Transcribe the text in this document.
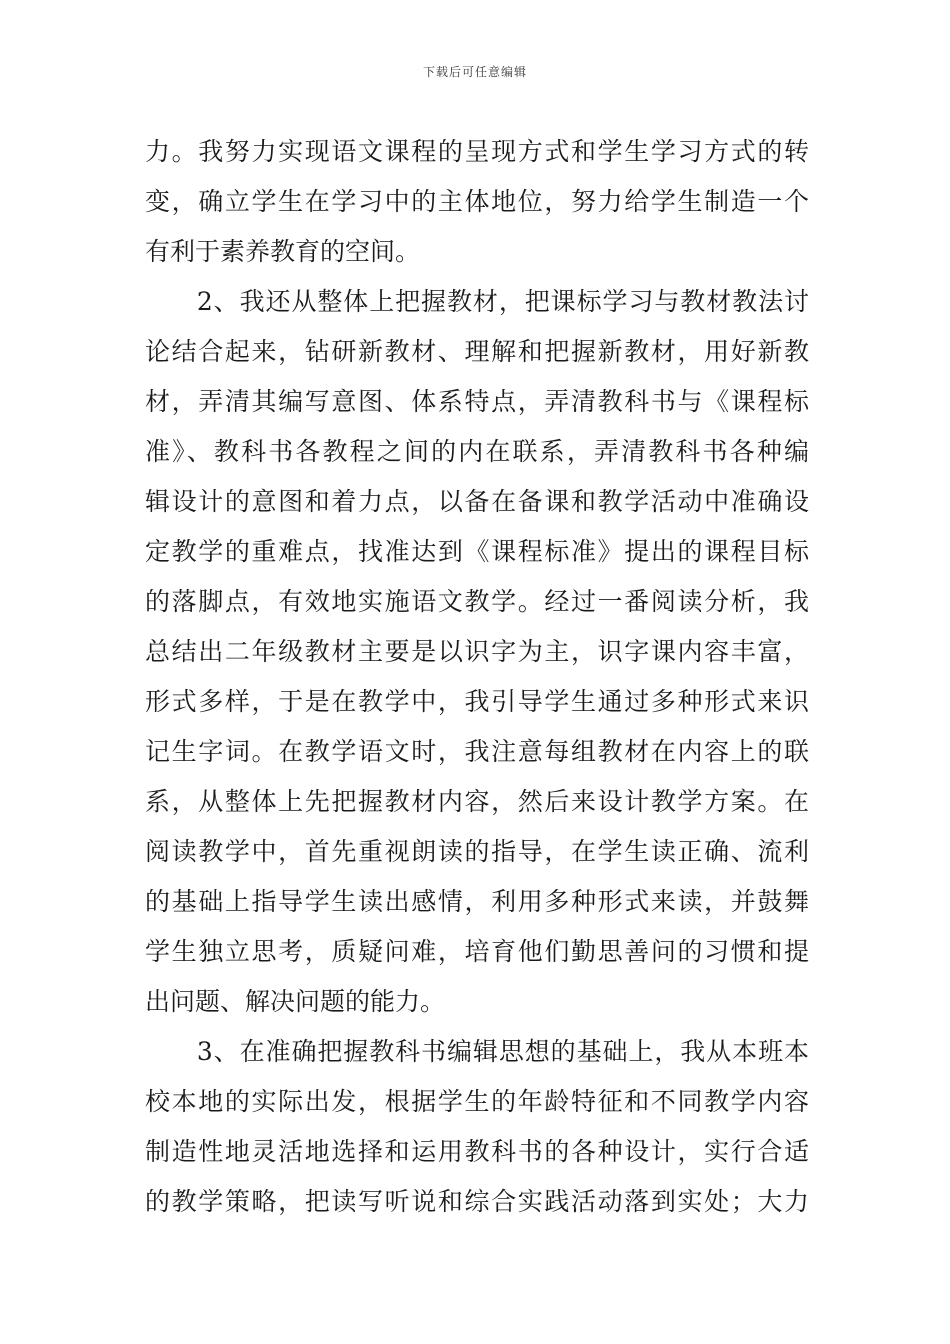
下载后可任意编辑
力。我努力实现语文课程的呈现方式和学生学习方式的转
变，确立学生在学习中的主体地位，努力给学生制造一个
有利于素养教育的空间。
　　2、我还从整体上把握教材，把课标学习与教材教法讨
论结合起来，钻研新教材、理解和把握新教材，用好新教
材，弄清其编写意图、体系特点，弄清教科书与《课程标
准》、教科书各教程之间的内在联系，弄清教科书各种编
辑设计的意图和着力点，以备在备课和教学活动中准确设
定教学的重难点，找准达到《课程标准》提出的课程目标
的落脚点，有效地实施语文教学。经过一番阅读分析，我
总结出二年级教材主要是以识字为主，识字课内容丰富，
形式多样，于是在教学中，我引导学生通过多种形式来识
记生字词。在教学语文时，我注意每组教材在内容上的联
系，从整体上先把握教材内容，然后来设计教学方案。在
阅读教学中，首先重视朗读的指导，在学生读正确、流利
的基础上指导学生读出感情，利用多种形式来读，并鼓舞
学生独立思考，质疑问难，培育他们勤思善问的习惯和提
出问题、解决问题的能力。
　　3、在准确把握教科书编辑思想的基础上，我从本班本
校本地的实际出发，根据学生的年龄特征和不同教学内容
制造性地灵活地选择和运用教科书的各种设计，实行合适
的教学策略，把读写听说和综合实践活动落到实处；大力
